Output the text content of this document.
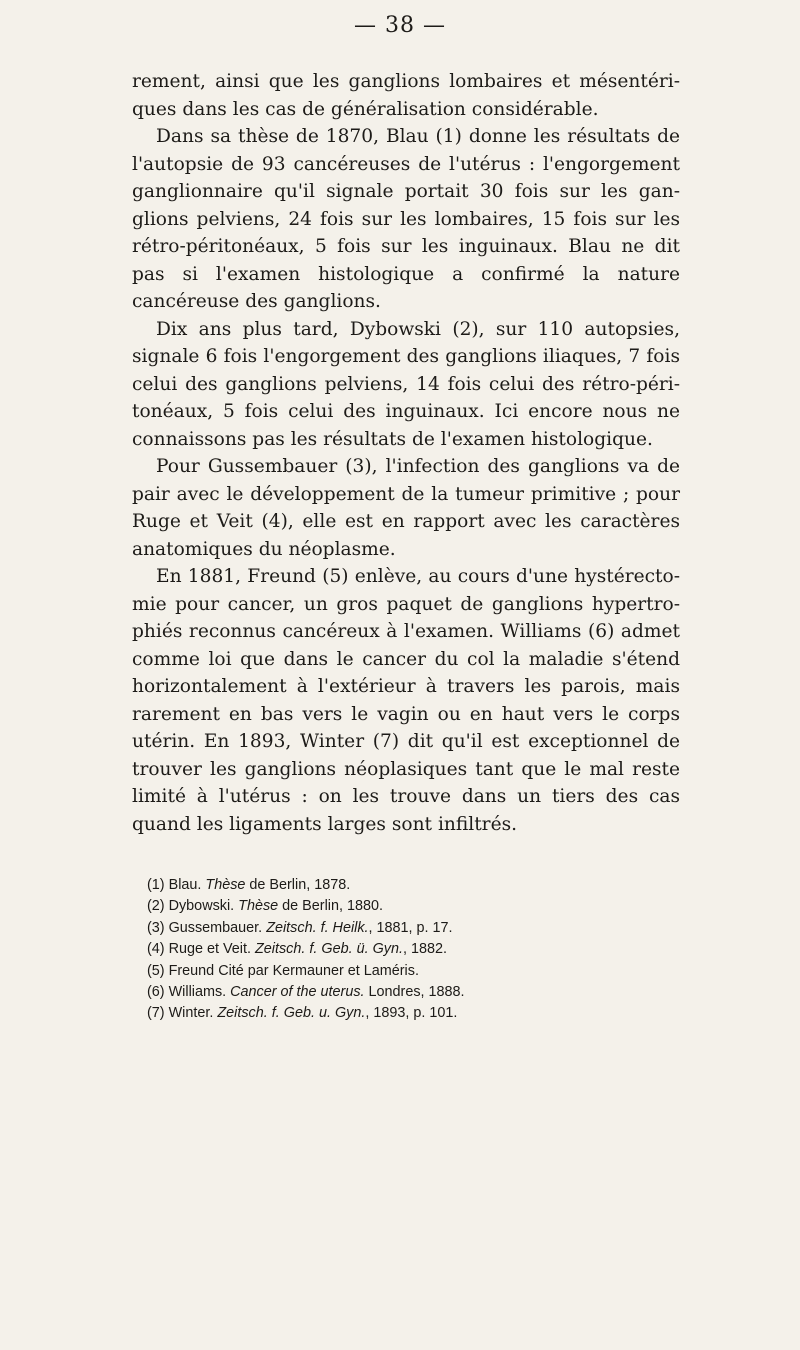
— 38 —

rement, ainsi que les ganglions lombaires et mésentéri-ques dans les cas de généralisation considérable.

Dans sa thèse de 1870, Blau (1) donne les résultats de l'autopsie de 93 cancéreuses de l'utérus : l'engorgement ganglionnaire qu'il signale portait 30 fois sur les gan-glions pelviens, 24 fois sur les lombaires, 15 fois sur les rétro-péritonéaux, 5 fois sur les inguinaux. Blau ne dit pas si l'examen histologique a confirmé la nature cancéreuse des ganglions.

Dix ans plus tard, Dybowski (2), sur 110 autopsies, signale 6 fois l'engorgement des ganglions iliaques, 7 fois celui des ganglions pelviens, 14 fois celui des rétro-péri-tonéaux, 5 fois celui des inguinaux. Ici encore nous ne connaissons pas les résultats de l'examen histologique.

Pour Gussembauer (3), l'infection des ganglions va de pair avec le développement de la tumeur primitive ; pour Ruge et Veit (4), elle est en rapport avec les caractères anatomiques du néoplasme.

En 1881, Freund (5) enlève, au cours d'une hystérecto-mie pour cancer, un gros paquet de ganglions hypertro-phiés reconnus cancéreux à l'examen. Williams (6) admet comme loi que dans le cancer du col la maladie s'étend horizontalement à l'extérieur à travers les parois, mais rarement en bas vers le vagin ou en haut vers le corps utérin. En 1893, Winter (7) dit qu'il est exceptionnel de trouver les ganglions néoplasiques tant que le mal reste limité à l'utérus : on les trouve dans un tiers des cas quand les ligaments larges sont infiltrés.

(1) Blau. Thèse de Berlin, 1878.
(2) Dybowski. Thèse de Berlin, 1880.
(3) Gussembauer. Zeitsch. f. Heilk., 1881, p. 17.
(4) Ruge et Veit. Zeitsch. f. Geb. ü. Gyn., 1882.
(5) Freund Cité par Kermauner et Laméris.
(6) Williams. Cancer of the uterus. Londres, 1888.
(7) Winter. Zeitsch. f. Geb. u. Gyn., 1893, p. 101.
